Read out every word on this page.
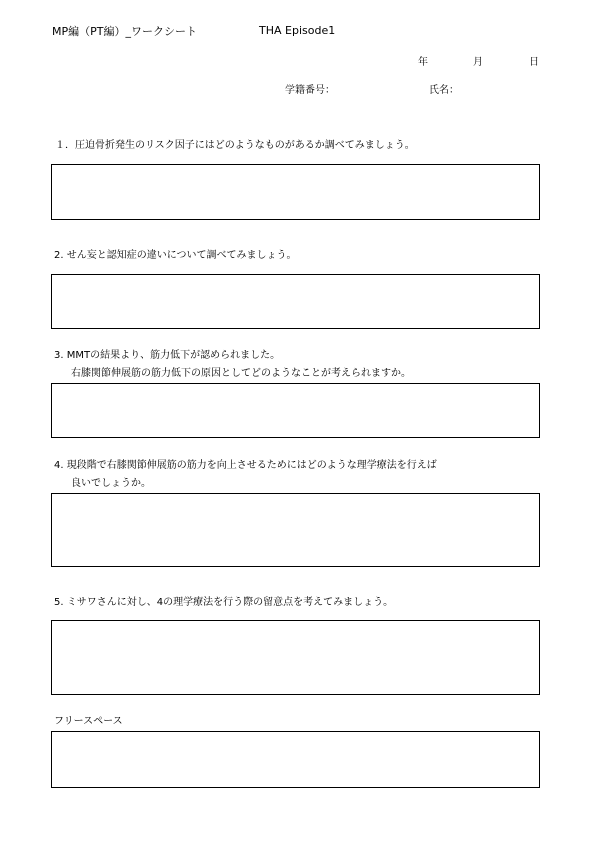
MP編（PT編）_ワークシート	THA Episode1
年	月	日
学籍番号：	氏名：
１．圧迫骨折発生のリスク因子にはどのようなものがあるか調べてみましょう。
2. せん妄と認知症の違いについて調べてみましょう。
3. MMTの結果より、筋力低下が認められました。
右膝関節伸展筋の筋力低下の原因としてどのようなことが考えられますか。
4. 現段階で右膝関節伸展筋の筋力を向上させるためにはどのような理学療法を行えば
良いでしょうか。
5. ミサワさんに対し、4の理学療法を行う際の留意点を考えてみましょう。
フリースペース
